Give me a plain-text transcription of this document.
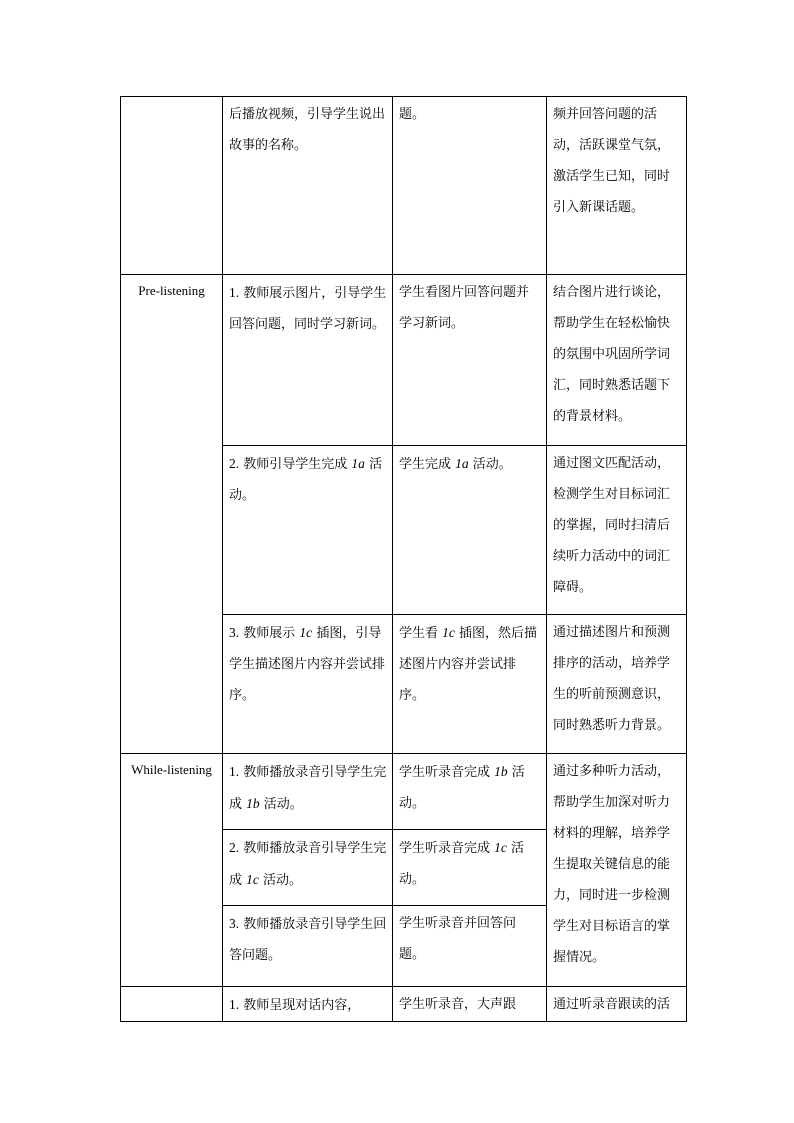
	后播放视频，引导学生说出故事的名称。	题。	频并回答问题的活动，活跃课堂气氛，激活学生已知，同时引入新课话题。

Pre-listening	1. 教师展示图片，引导学生回答问题，同时学习新词。	学生看图片回答问题并学习新词。	结合图片进行谈论，帮助学生在轻松愉快的氛围中巩固所学词汇，同时熟悉话题下的背景材料。

	2. 教师引导学生完成 1a 活动。	学生完成 1a 活动。	通过图文匹配活动，检测学生对目标词汇的掌握，同时扫清后续听力活动中的词汇障碍。

	3. 教师展示 1c 插图，引导学生描述图片内容并尝试排序。	学生看 1c 插图，然后描述图片内容并尝试排序。	通过描述图片和预测排序的活动，培养学生的听前预测意识，同时熟悉听力背景。

While-listening	1. 教师播放录音引导学生完成 1b 活动。	学生听录音完成 1b 活动。	通过多种听力活动，帮助学生加深对听力材料的理解，培养学生提取关键信息的能力，同时进一步检测学生对目标语言的掌握情况。

	2. 教师播放录音引导学生完成 1c 活动。	学生听录音完成 1c 活动。	

	3. 教师播放录音引导学生回答问题。	学生听录音并回答问题。	

	1. 教师呈现对话内容，	学生听录音，大声跟	通过听录音跟读的活
